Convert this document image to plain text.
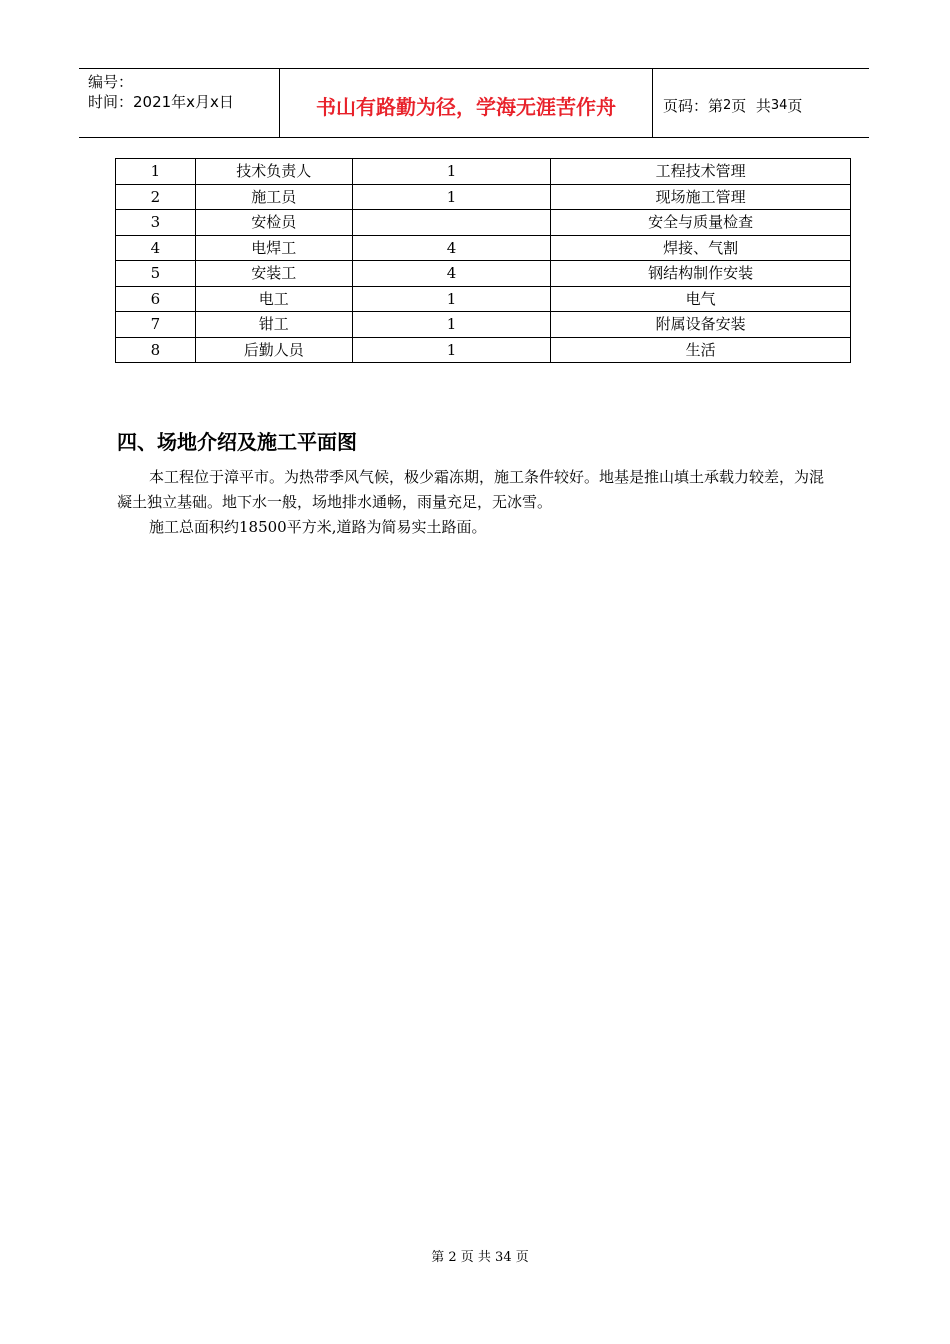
编号：
时间：2021年x月x日	书山有路勤为径，学海无涯苦作舟	页码：第 2 页  共 34 页
1	技术负责人	1	工程技术管理
2	施工员	1	现场施工管理
3	安检员		安全与质量检查
4	电焊工	4	焊接、气割
5	安装工	4	钢结构制作安装
6	电工	1	电气
7	钳工	1	附属设备安装
8	后勤人员	1	生活
四、场地介绍及施工平面图

本工程位于漳平市。为热带季风气候，极少霜冻期，施工条件较好。地基是推山填土承载力较差，为混凝土独立基础。地下水一般，场地排水通畅，雨量充足，无冰雪。

施工总面积约18500平方米,道路为简易实土路面。

第 2 页 共 34 页
